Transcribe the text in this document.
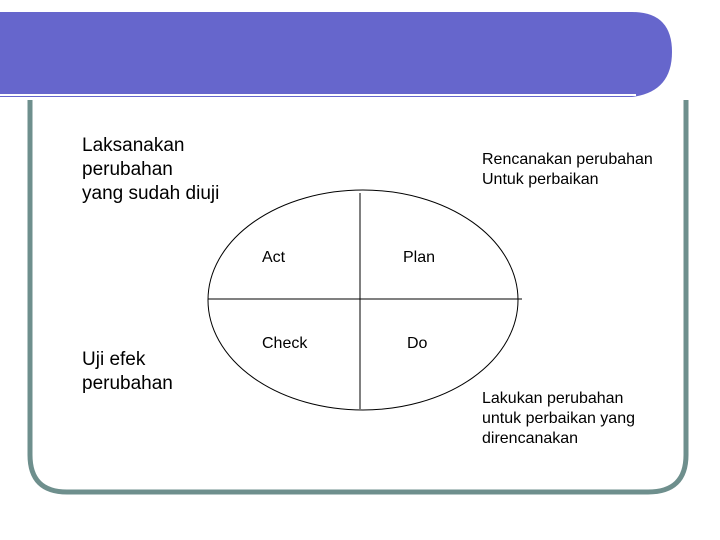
Laksanakan
perubahan
yang sudah diuji

Rencanakan perubahan
Untuk perbaikan

Uji efek
perubahan

Lakukan perubahan
untuk perbaikan yang
direncanakan

Act	Plan

Check	Do
